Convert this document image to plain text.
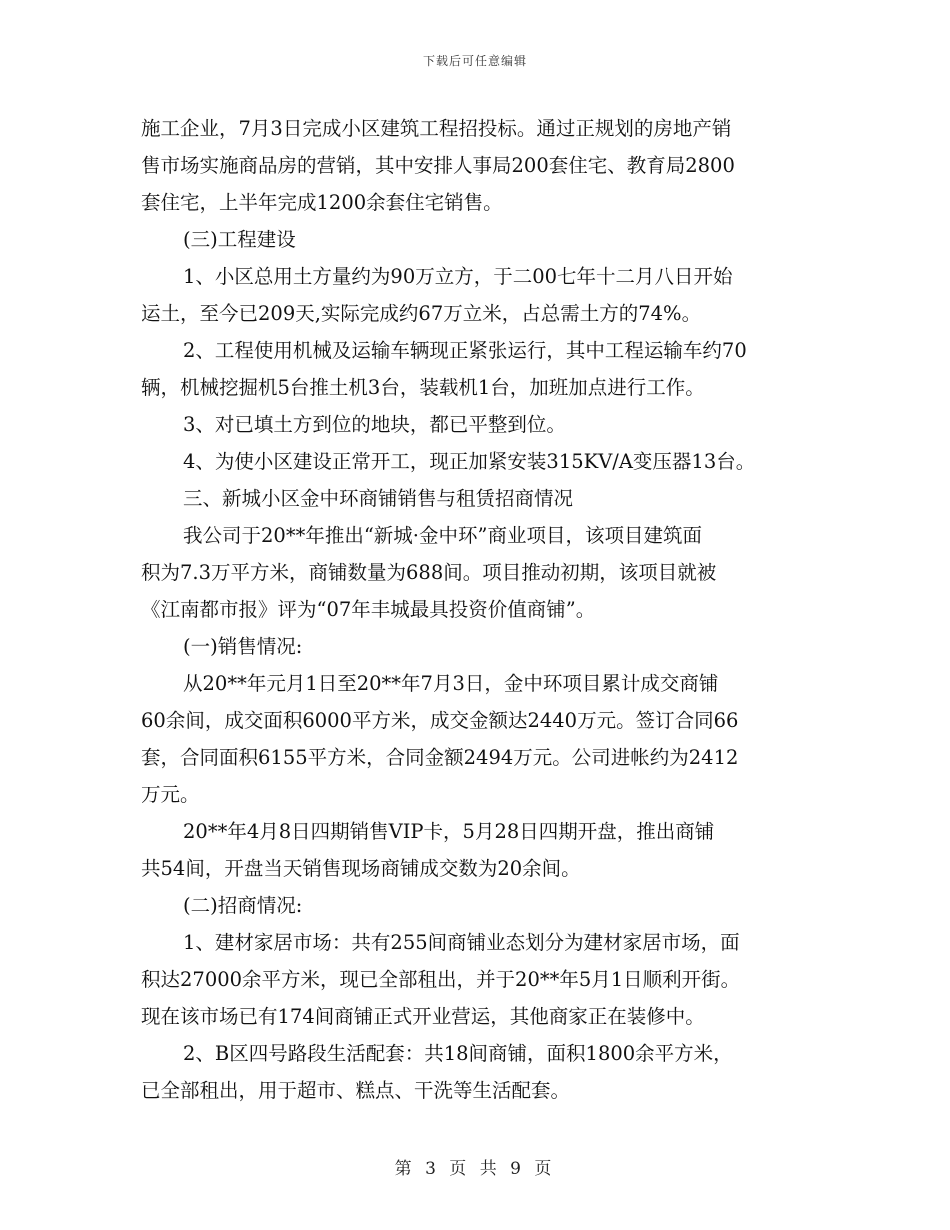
下载后可任意编辑

施工企业，7月3日完成小区建筑工程招投标。通过正规划的房地产销

售市场实施商品房的营销，其中安排人事局200套住宅、教育局2800

套住宅，上半年完成1200余套住宅销售。

(三)工程建设

1、小区总用土方量约为90万立方，于二00七年十二月八日开始

运土，至今已209天,实际完成约67万立米，占总需土方的74%。

2、工程使用机械及运输车辆现正紧张运行，其中工程运输车约70

辆，机械挖掘机5台推土机3台，装载机1台，加班加点进行工作。

3、对已填土方到位的地块，都已平整到位。

4、为使小区建设正常开工，现正加紧安装315KV/A变压器13台。

三、新城小区金中环商铺销售与租赁招商情况

我公司于20**年推出“新城·金中环”商业项目，该项目建筑面

积为7.3万平方米，商铺数量为688间。项目推动初期，该项目就被

《江南都市报》评为“07年丰城最具投资价值商铺”。

(一)销售情况:

从20**年元月1日至20**年7月3日，金中环项目累计成交商铺

60余间，成交面积6000平方米，成交金额达2440万元。签订合同66

套，合同面积6155平方米，合同金额2494万元。公司进帐约为2412

万元。

20**年4月8日四期销售VIP卡，5月28日四期开盘，推出商铺

共54间，开盘当天销售现场商铺成交数为20余间。

(二)招商情况:

1、建材家居市场：共有255间商铺业态划分为建材家居市场，面

积达27000余平方米，现已全部租出，并于20**年5月1日顺利开街。

现在该市场已有174间商铺正式开业营运，其他商家正在装修中。

2、B区四号路段生活配套：共18间商铺，面积1800余平方米，

已全部租出，用于超市、糕点、干洗等生活配套。

第 3 页 共 9 页
